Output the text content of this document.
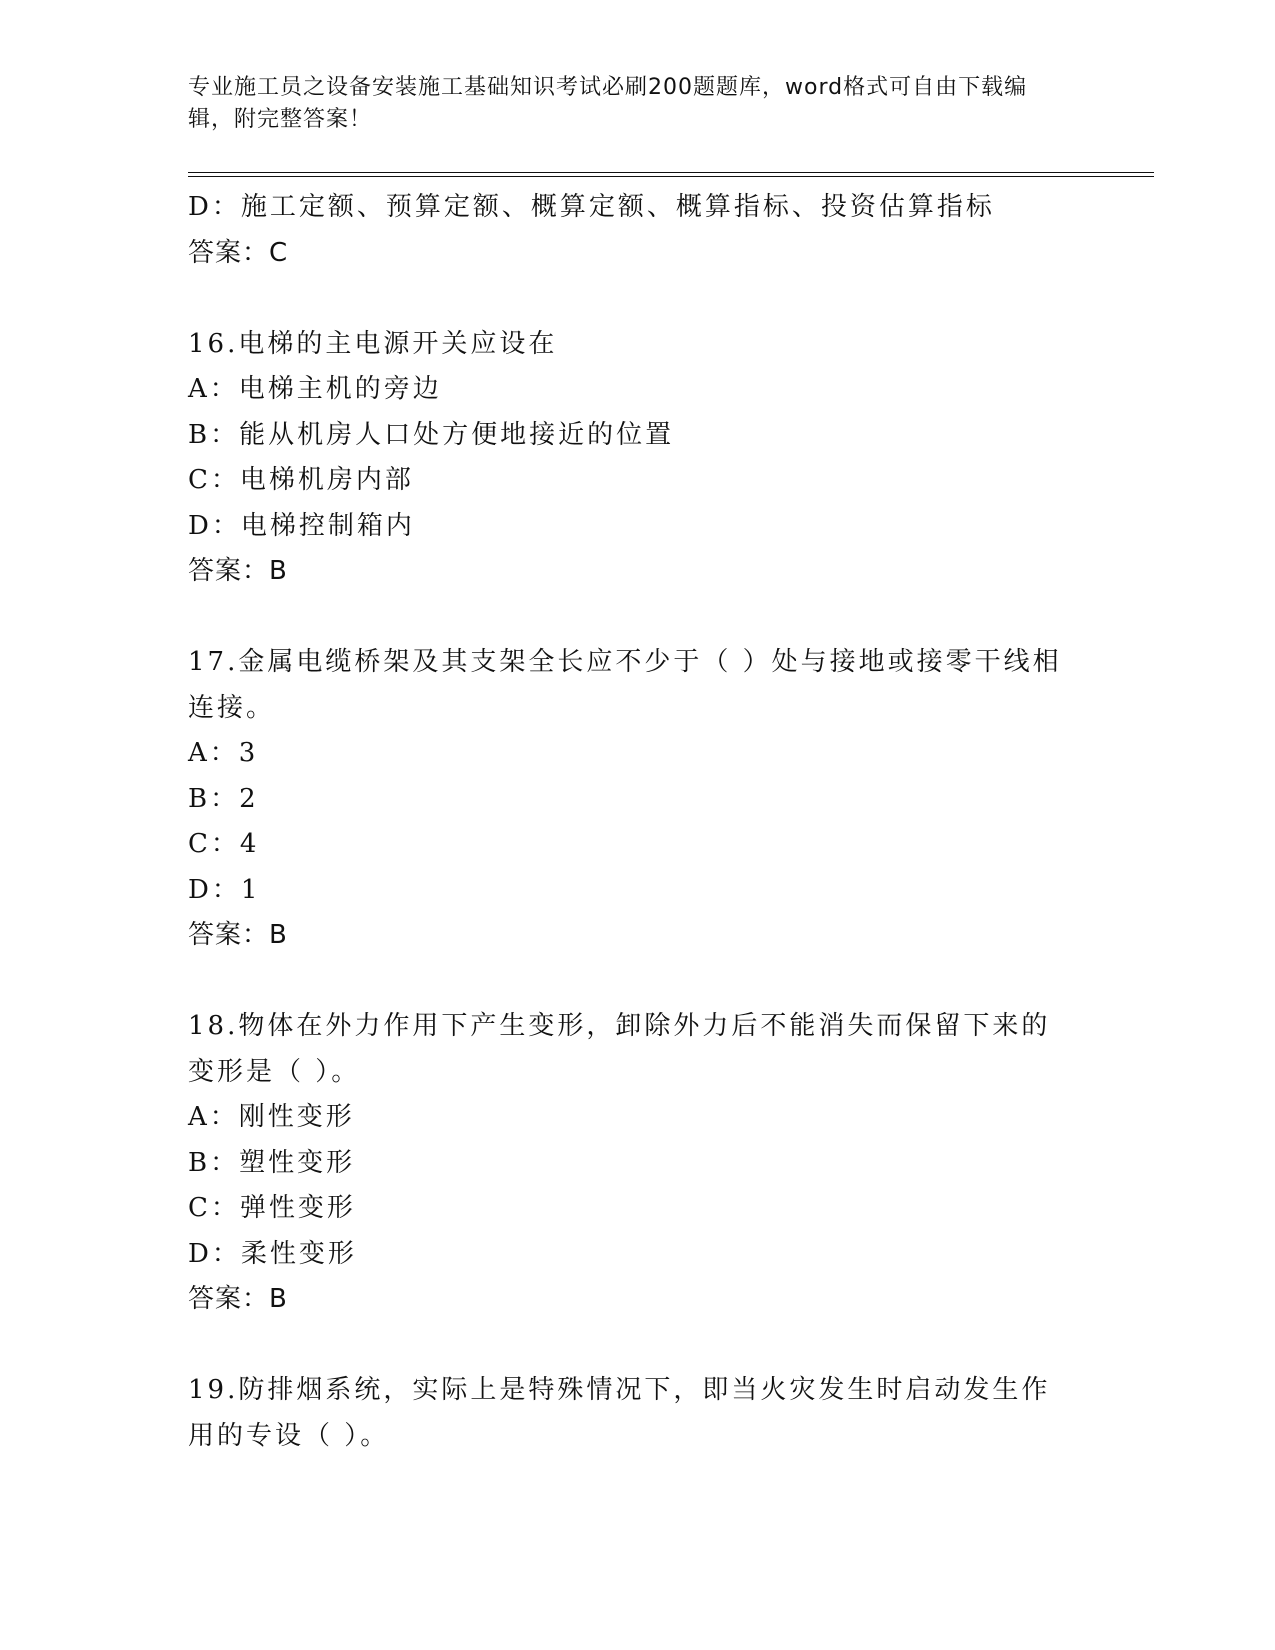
专业施工员之设备安装施工基础知识考试必刷200题题库，word格式可自由下载编辑，附完整答案！
D：施工定额、预算定额、概算定额、概算指标、投资估算指标
答案：C
16.电梯的主电源开关应设在
A：电梯主机的旁边
B：能从机房人口处方便地接近的位置
C：电梯机房内部
D：电梯控制箱内
答案：B
17.金属电缆桥架及其支架全长应不少于（ ）处与接地或接零干线相连接。
A：3
B：2
C：4
D：1
答案：B
18.物体在外力作用下产生变形，卸除外力后不能消失而保留下来的变形是（ ）。
A：刚性变形
B：塑性变形
C：弹性变形
D：柔性变形
答案：B
19.防排烟系统，实际上是特殊情况下，即当火灾发生时启动发生作用的专设（ ）。
